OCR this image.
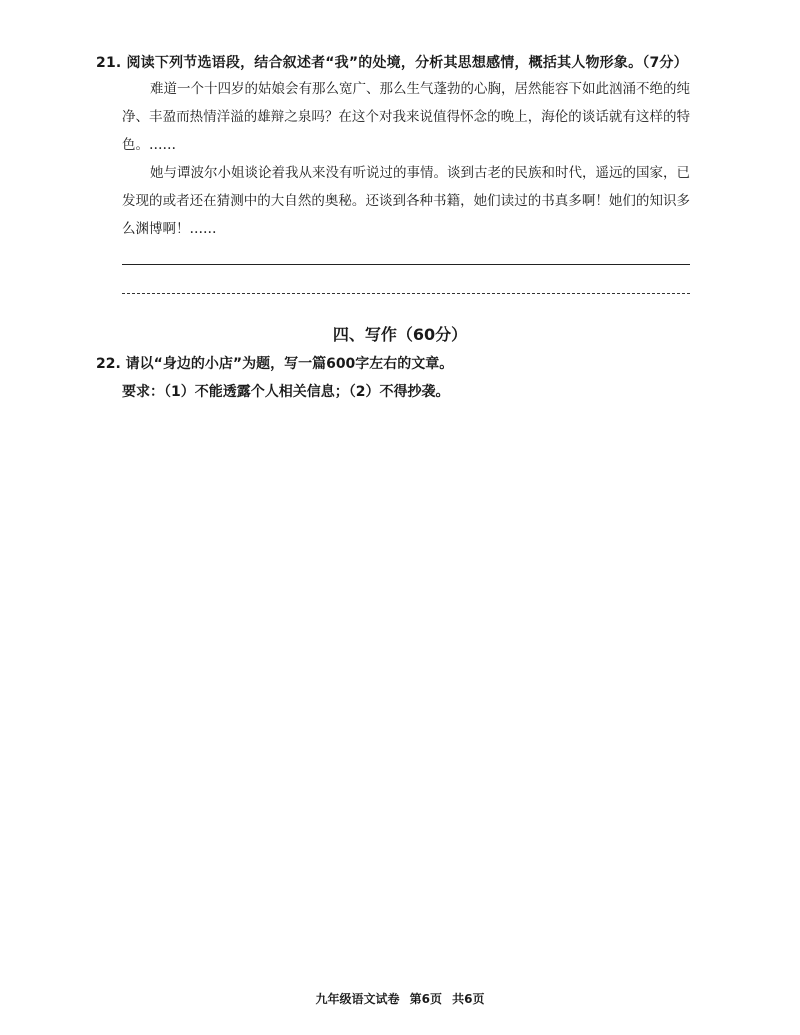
21. 阅读下列节选语段，结合叙述者“我”的处境，分析其思想感情，概括其人物形象。（7分）

难道一个十四岁的姑娘会有那么宽广、那么生气蓬勃的心胸，居然能容下如此汹涌不绝的纯净、丰盈而热情洋溢的雄辩之泉吗？在这个对我来说值得怀念的晚上，海伦的谈话就有这样的特色。……

她与谭波尔小姐谈论着我从来没有听说过的事情。谈到古老的民族和时代，遥远的国家，已发现的或者还在猜测中的大自然的奥秘。还谈到各种书籍，她们读过的书真多啊！她们的知识多么渊博啊！……

四、写作（60分）
22. 请以“身边的小店”为题，写一篇600字左右的文章。
要求：（1）不能透露个人相关信息；（2）不得抄袭。
九年级语文试卷 第6页 共6页
